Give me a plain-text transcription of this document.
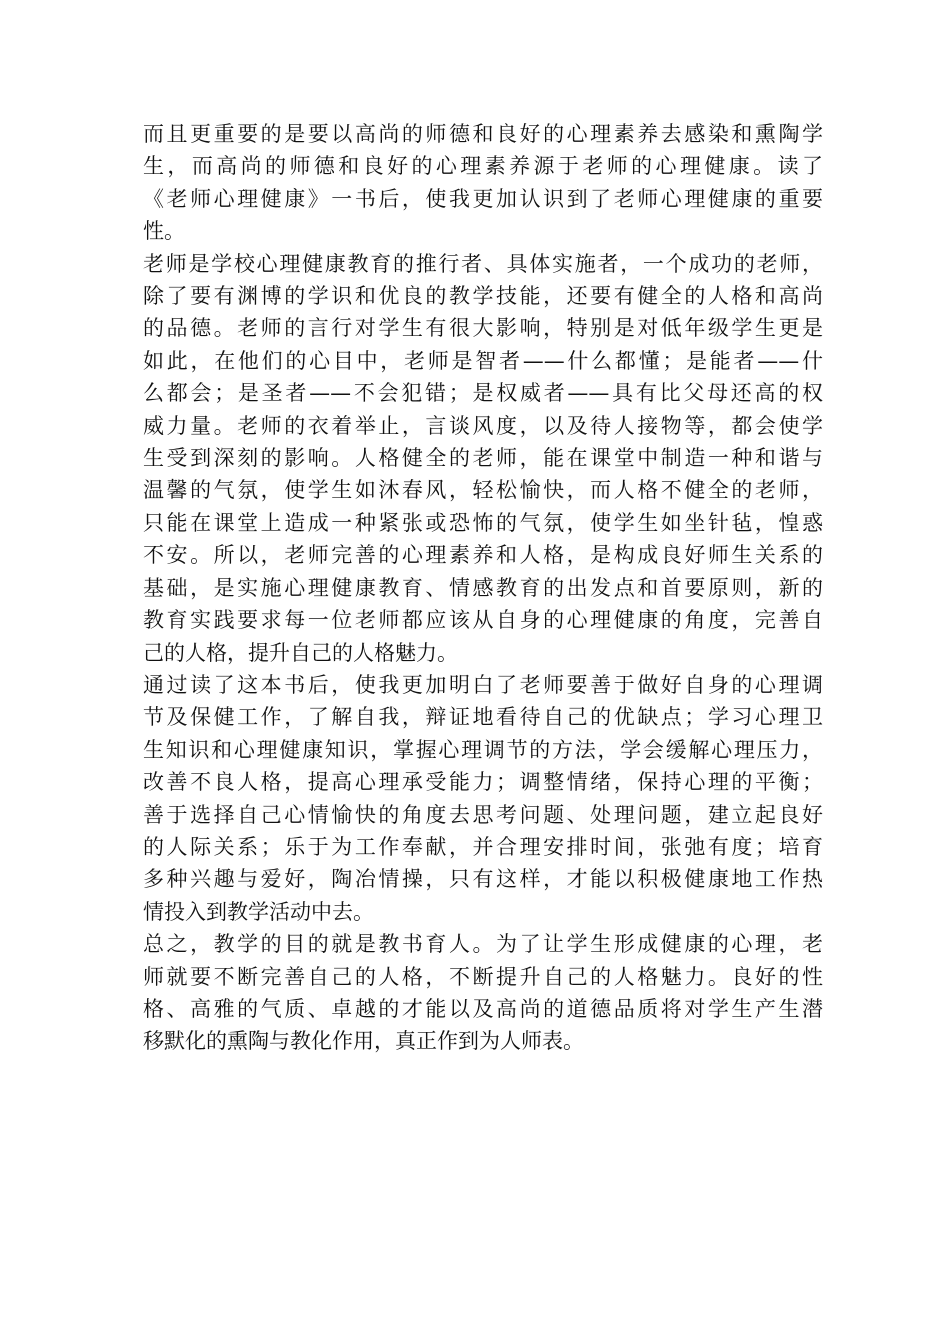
而且更重要的是要以高尚的师德和良好的心理素养去感染和熏陶学
生，而高尚的师德和良好的心理素养源于老师的心理健康。读了
《老师心理健康》一书后，使我更加认识到了老师心理健康的重要
性。

老师是学校心理健康教育的推行者、具体实施者，一个成功的老师，
除了要有渊博的学识和优良的教学技能，还要有健全的人格和高尚
的品德。老师的言行对学生有很大影响，特别是对低年级学生更是
如此，在他们的心目中，老师是智者——什么都懂；是能者——什
么都会；是圣者——不会犯错；是权威者——具有比父母还高的权
威力量。老师的衣着举止，言谈风度，以及待人接物等，都会使学
生受到深刻的影响。人格健全的老师，能在课堂中制造一种和谐与
温馨的气氛，使学生如沐春风，轻松愉快，而人格不健全的老师，
只能在课堂上造成一种紧张或恐怖的气氛，使学生如坐针毡，惶惑
不安。所以，老师完善的心理素养和人格，是构成良好师生关系的
基础，是实施心理健康教育、情感教育的出发点和首要原则，新的
教育实践要求每一位老师都应该从自身的心理健康的角度，完善自
己的人格，提升自己的人格魅力。

通过读了这本书后，使我更加明白了老师要善于做好自身的心理调
节及保健工作，了解自我，辩证地看待自己的优缺点；学习心理卫
生知识和心理健康知识，掌握心理调节的方法，学会缓解心理压力，
改善不良人格，提高心理承受能力；调整情绪，保持心理的平衡；
善于选择自己心情愉快的角度去思考问题、处理问题，建立起良好
的人际关系；乐于为工作奉献，并合理安排时间，张弛有度；培育
多种兴趣与爱好，陶冶情操，只有这样，才能以积极健康地工作热
情投入到教学活动中去。

总之，教学的目的就是教书育人。为了让学生形成健康的心理，老
师就要不断完善自己的人格，不断提升自己的人格魅力。良好的性
格、高雅的气质、卓越的才能以及高尚的道德品质将对学生产生潜
移默化的熏陶与教化作用，真正作到为人师表。
